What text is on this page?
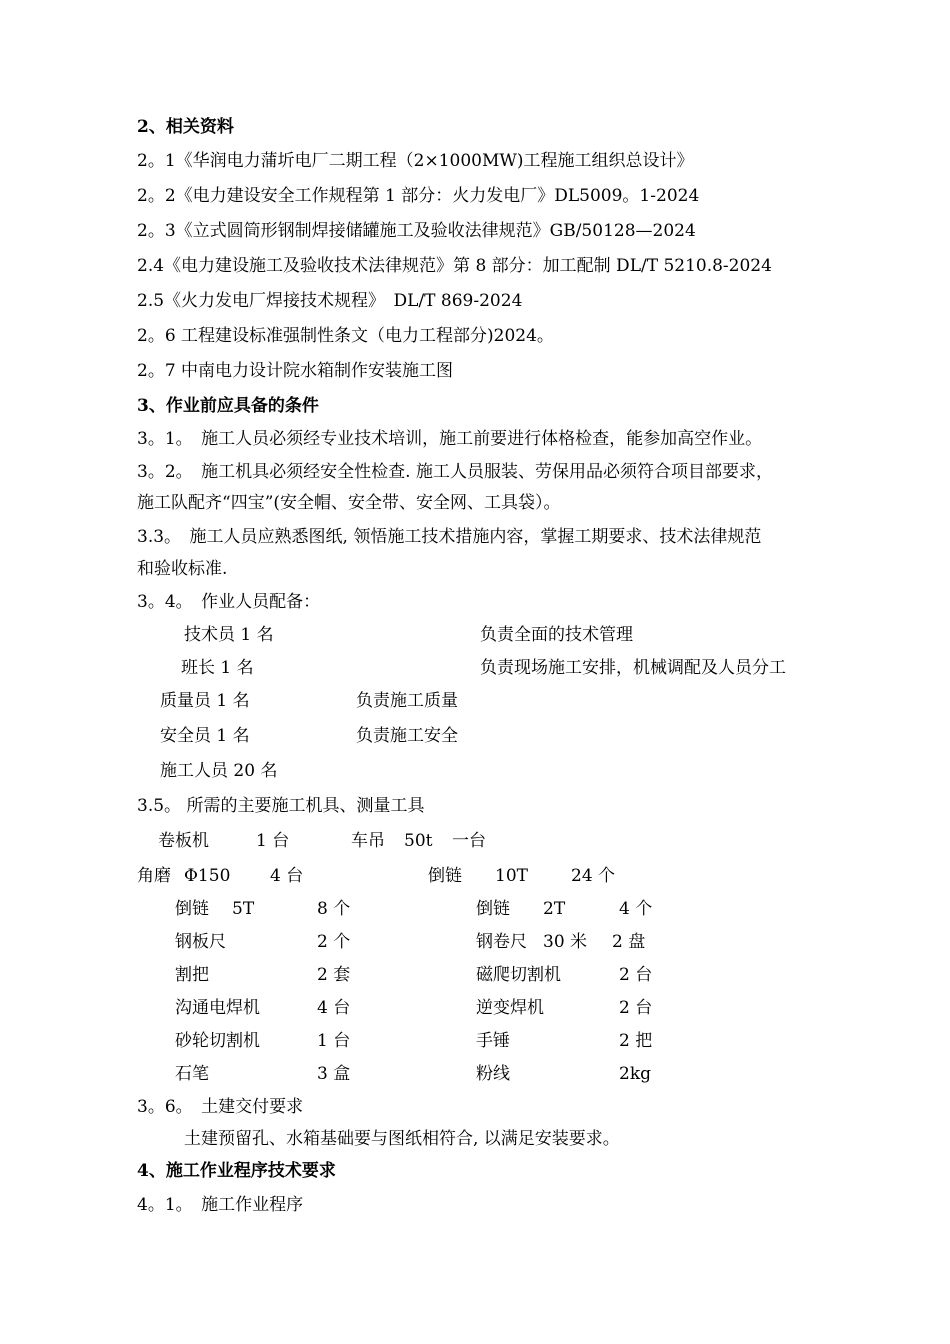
2、相关资料
2。1《华润电力蒲圻电厂二期工程（2×1000MW)工程施工组织总设计》
2。2《电力建设安全工作规程第 1 部分：火力发电厂》DL5009。1-2024
2。3《立式圆筒形钢制焊接储罐施工及验收法律规范》GB/50128—2024
2.4《电力建设施工及验收技术法律规范》第 8 部分：加工配制 DL/T 5210.8-2024
2.5《火力发电厂焊接技术规程》　DL/T 869-2024
2。6 工程建设标准强制性条文（电力工程部分)2024。
2。7 中南电力设计院水箱制作安装施工图
3、作业前应具备的条件
3。1。　施工人员必须经专业技术培训，施工前要进行体格检查，能参加高空作业。
3。2。　施工机具必须经安全性检查. 施工人员服装、劳保用品必须符合项目部要求，
施工队配齐“四宝”(安全帽、安全带、安全网、工具袋）。
3.3。　施工人员应熟悉图纸, 领悟施工技术措施内容，掌握工期要求、技术法律规范
和验收标准.
3。4。　作业人员配备：
技术员 1 名	负责全面的技术管理
班长 1 名	负责现场施工安排，机械调配及人员分工
质量员 1 名	负责施工质量
安全员 1 名	负责施工安全
施工人员 20 名
3.5。 所需的主要施工机具、测量工具
卷板机	1 台	车吊 50t 一台
角磨 Φ150 4 台	倒链 10T	24 个
倒链 5T	8 个	倒链 2T	4 个
钢板尺	2 个	钢卷尺 30 米 2 盘
割把	2 套	磁爬切割机	2 台
沟通电焊机	4 台	逆变焊机	2 台
砂轮切割机	1 台	手锤	2 把
石笔	3 盒	粉线	2kg
3。6。　土建交付要求
土建预留孔、水箱基础要与图纸相符合, 以满足安装要求。
4、施工作业程序技术要求
4。1。　施工作业程序
